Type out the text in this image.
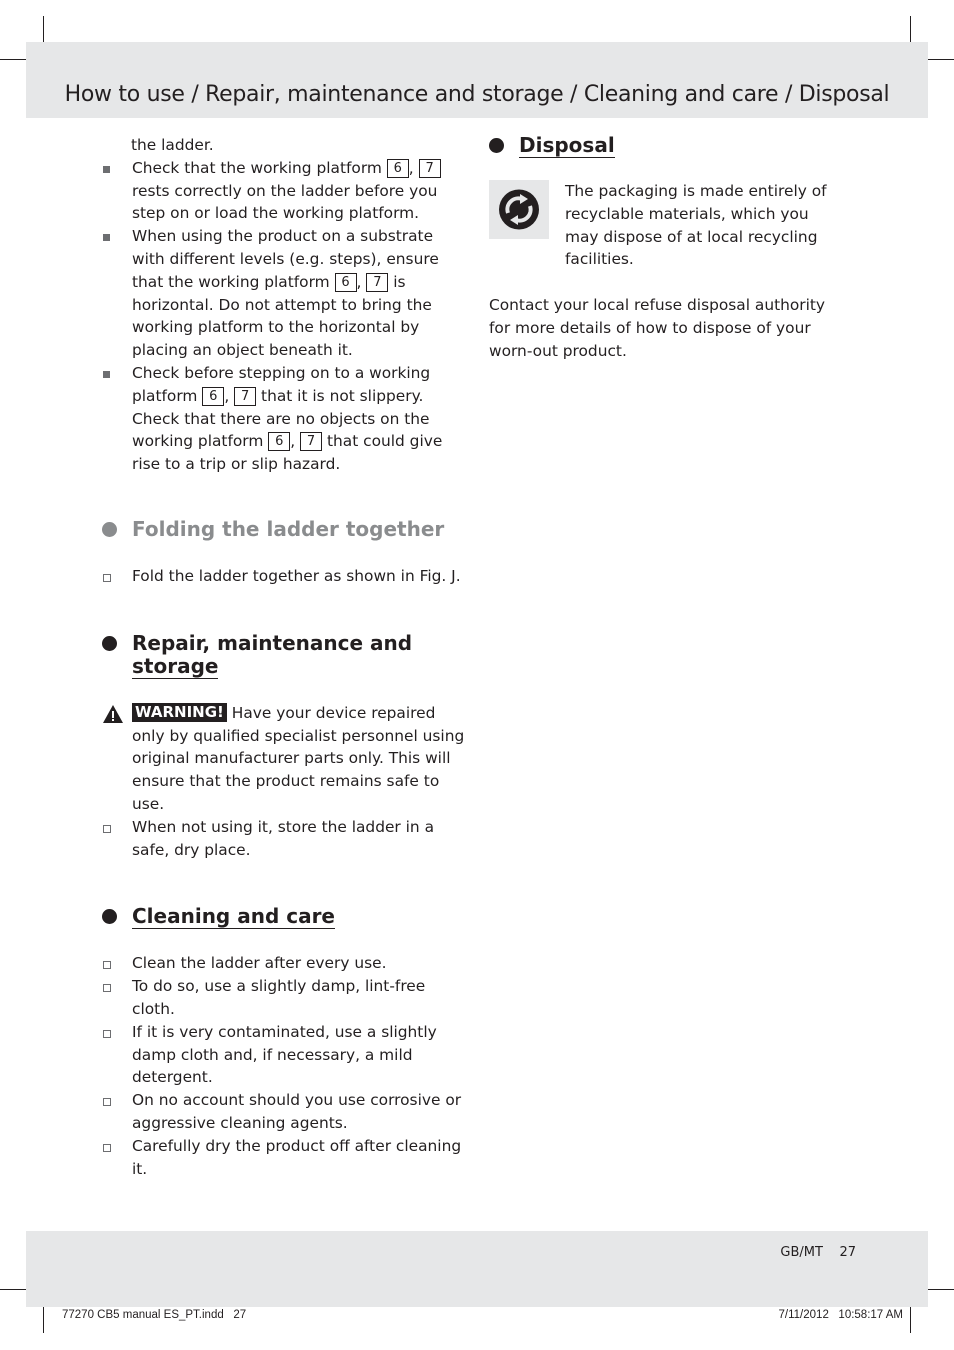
How to use / Repair, maintenance and storage / Cleaning and care / Disposal

the ladder.

Check that the working platform 6 , 7 rests correctly on the ladder before you step on or load the working platform.
When using the product on a substrate with different levels (e.g. steps), ensure that the working platform 6 , 7 is horizontal. Do not attempt to bring the working platform to the horizontal by placing an object beneath it.
Check before stepping on to a working platform 6 , 7 that it is not slippery. Check that there are no objects on the working platform 6 , 7 that could give rise to a trip or slip hazard.
Folding the ladder together
Fold the ladder together as shown in Fig. J.
Repair, maintenance and
storage
WARNING! Have your device repaired only by qualified specialist personnel using original manufacturer parts only. This will ensure that the product remains safe to use.
When not using it, store the ladder in a safe, dry place.
Cleaning and care
Clean the ladder after every use.
To do so, use a slightly damp, lint-free cloth.
If it is very contaminated, use a slightly damp cloth and, if necessary, a mild detergent.
On no account should you use corrosive or aggressive cleaning agents.
Carefully dry the product off after cleaning it.
Disposal

The packaging is made entirely of recyclable materials, which you may dispose of at local recycling facilities.

Contact your local refuse disposal authority for more details of how to dispose of your worn-out product.

GB/MT    27
77270 CB5 manual ES_PT.indd   27	7/11/2012   10:58:17 AM
